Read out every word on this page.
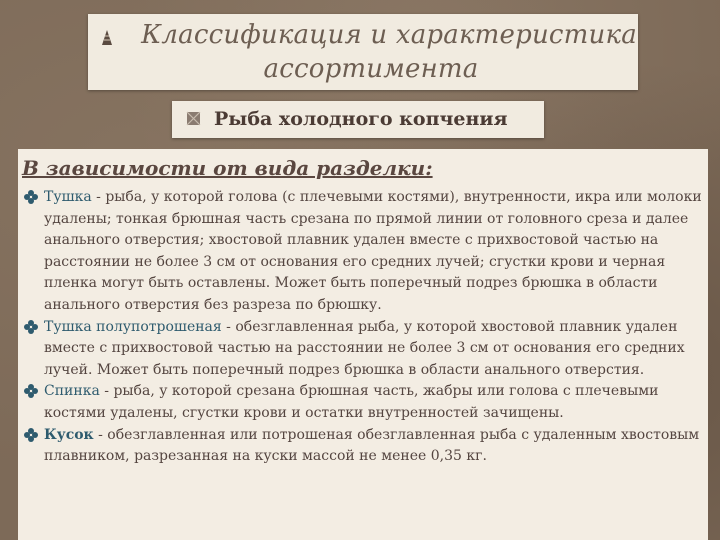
Классификация и характеристика
ассортимента
Рыба холодного копчения
В зависимости от вида разделки:
Тушка - рыба, у которой голова (с плечевыми костями), внутренности, икра или молоки удалены; тонкая брюшная часть срезана по прямой линии от головного среза и далее анального отверстия; хвостовой плавник удален вместе с прихвостовой частью на расстоянии не более 3 см от основания его средних лучей; сгустки крови и черная пленка могут быть оставлены. Может быть поперечный подрез брюшка в области анального отверстия без разреза по брюшку.
Тушка полупотрошеная - обезглавленная рыба, у которой хвостовой плавник удален вместе с прихвостовой частью на расстоянии не более 3 см от основания его средних лучей. Может быть поперечный подрез брюшка в области анального отверстия.
Спинка - рыба, у которой срезана брюшная часть, жабры или голова с плечевыми костями удалены, сгустки крови и остатки внутренностей зачищены.
Кусок - обезглавленная или потрошеная обезглавленная рыба с удаленным хвостовым плавником, разрезанная на куски массой не менее 0,35 кг.
